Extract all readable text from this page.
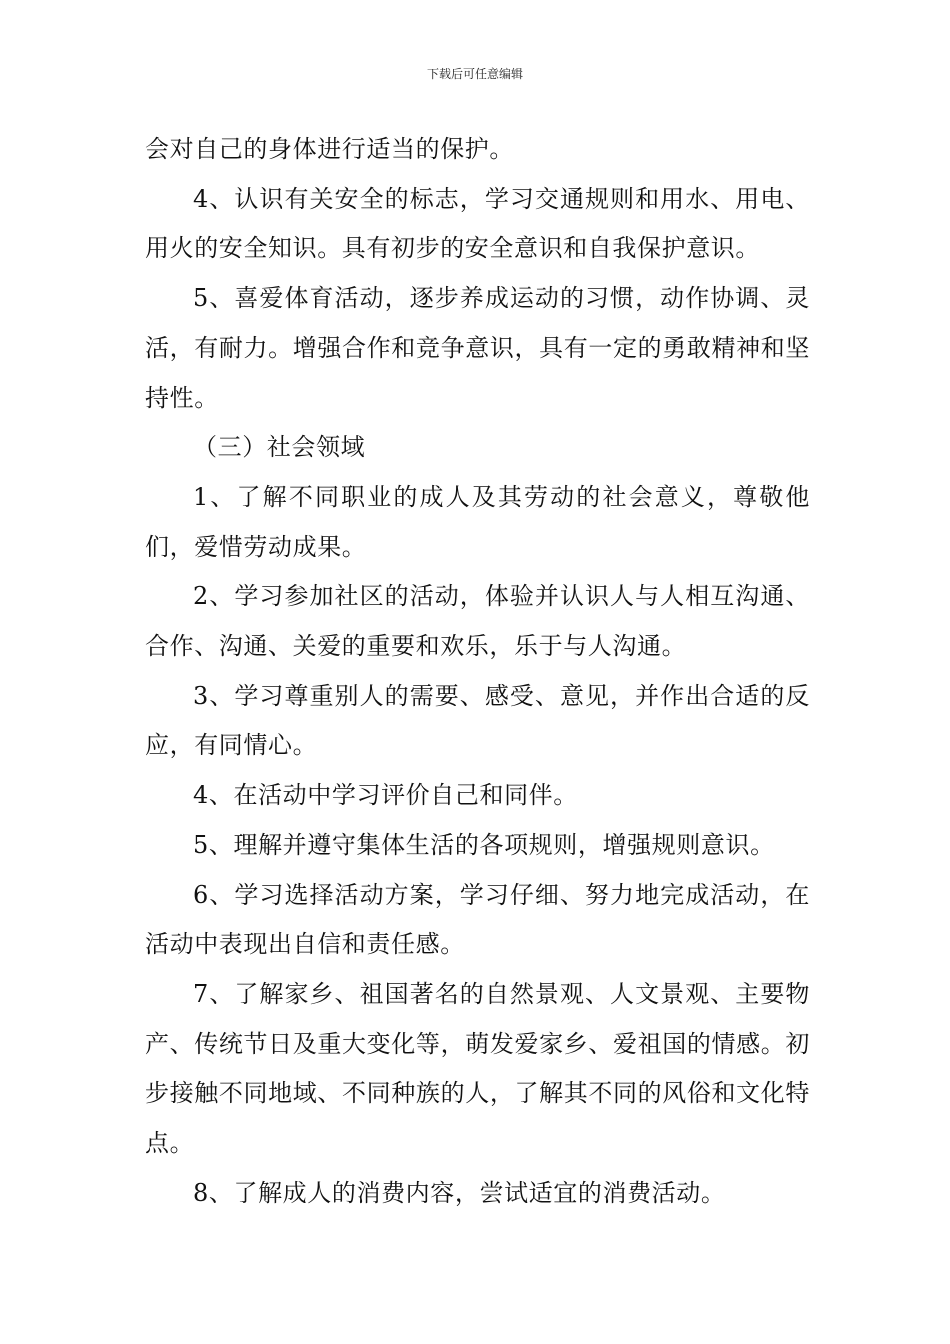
下载后可任意编辑

会对自己的身体进行适当的保护。

4、认识有关安全的标志，学习交通规则和用水、用电、用火的安全知识。具有初步的安全意识和自我保护意识。

5、喜爱体育活动，逐步养成运动的习惯，动作协调、灵活，有耐力。增强合作和竞争意识，具有一定的勇敢精神和坚持性。

（三）社会领域

1、了解不同职业的成人及其劳动的社会意义，尊敬他们，爱惜劳动成果。

2、学习参加社区的活动，体验并认识人与人相互沟通、合作、沟通、关爱的重要和欢乐，乐于与人沟通。

3、学习尊重别人的需要、感受、意见，并作出合适的反应，有同情心。

4、在活动中学习评价自己和同伴。

5、理解并遵守集体生活的各项规则，增强规则意识。

6、学习选择活动方案，学习仔细、努力地完成活动，在活动中表现出自信和责任感。

7、了解家乡、祖国著名的自然景观、人文景观、主要物产、传统节日及重大变化等，萌发爱家乡、爱祖国的情感。初步接触不同地域、不同种族的人，了解其不同的风俗和文化特点。

8、了解成人的消费内容，尝试适宜的消费活动。
